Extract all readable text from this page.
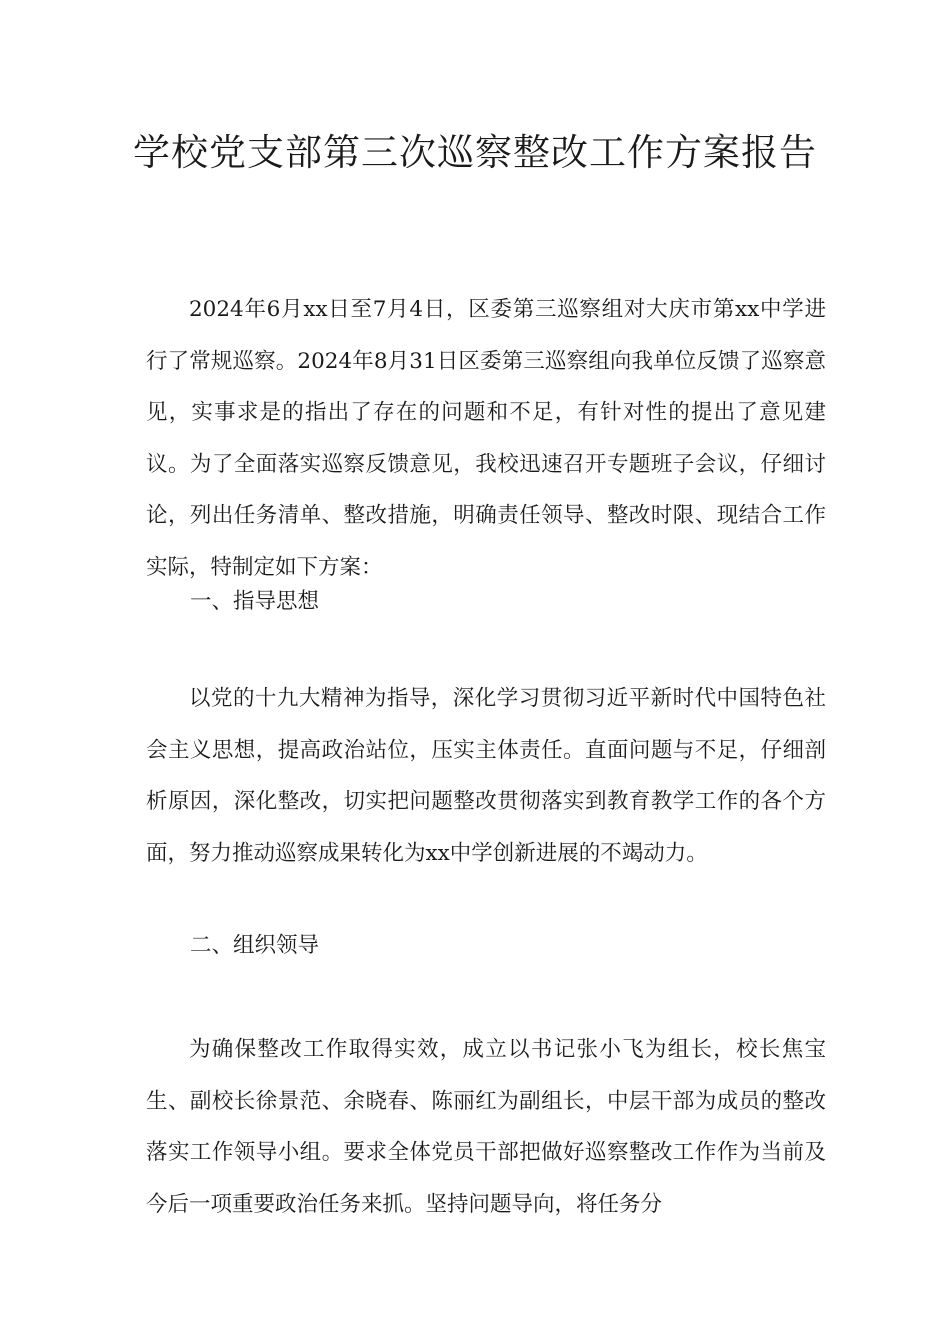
学校党支部第三次巡察整改工作方案报告

2024年6月xx日至7月4日，区委第三巡察组对大庆市第xx中学进行了常规巡察。2024年8月31日区委第三巡察组向我单位反馈了巡察意见，实事求是的指出了存在的问题和不足，有针对性的提出了意见建议。为了全面落实巡察反馈意见，我校迅速召开专题班子会议，仔细讨论，列出任务清单、整改措施，明确责任领导、整改时限、现结合工作实际，特制定如下方案：

一、指导思想

以党的十九大精神为指导，深化学习贯彻习近平新时代中国特色社会主义思想，提高政治站位，压实主体责任。直面问题与不足，仔细剖析原因，深化整改，切实把问题整改贯彻落实到教育教学工作的各个方面，努力推动巡察成果转化为xx中学创新进展的不竭动力。

二、组织领导

为确保整改工作取得实效，成立以书记张小飞为组长，校长焦宝生、副校长徐景范、余晓春、陈丽红为副组长，中层干部为成员的整改落实工作领导小组。要求全体党员干部把做好巡察整改工作作为当前及今后一项重要政治任务来抓。坚持问题导向，将任务分
